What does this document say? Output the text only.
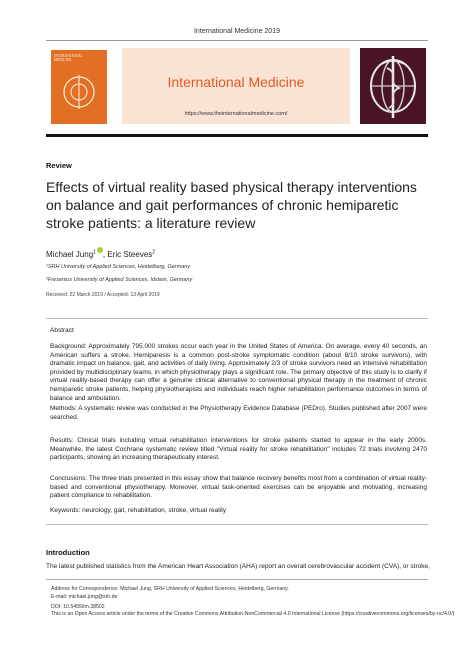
International Medicine 2019
INTERNATIONAL
MEDICINE
International Medicine
https://www.theinternationalmedicine.com/
Review
Effects of virtual reality based physical therapy interventions on balance and gait performances of chronic hemiparetic stroke patients: a literature review
Michael Jung$^1$ , Eric Steeves$^2$
¹SRH University of Applied Sciences, Heidelberg, Germany
²Fresenius University of Applied Sciences, Idstein, Germany
Received: 22 March 2019 / Accepted: 13 April 2019
Abstract
Background: Approximately 795.000 strokes occur each year in the United States of America. On average, every 40 seconds, an American suffers a stroke. Hemiparesis is a common post-stroke symptomatic condition (about 8/10 stroke survivors), with dramatic impact on balance, gait, and activities of daily living. Approximately 2/3 of stroke survivors need an intensive rehabilitation provided by multidisciplinary teams, in which physiotherapy plays a significant role. The primary objective of this study is to clarify if virtual reality-based therapy can offer a genuine clinical alternative to conventional physical therapy in the treatment of chronic hemiparetic stroke patients, helping physiotherapists and individuals reach higher rehabilitation performance outcomes in terms of balance and ambulation.
Methods: A systematic review was conducted in the Physiotherapy Evidence Database (PEDro). Studies published after 2007 were searched.
Results: Clinical trials including virtual rehabilitation interventions for stroke patients started to appear in the early 2000s. Meanwhile, the latest Cochrane systematic review titled "Virtual reality for stroke rehabilitation" includes 72 trials involving 2470 participants, showing an increasing therapeutically interest.
Conclusions: The three trials presented in this essay show that balance recovery benefits most from a combination of virtual reality-based and conventional physiotherapy. Moreover, virtual task-oriented exercises can be enjoyable and motivating, increasing patient compliance to rehabilitation.
Keywords: neurology, gait, rehabilitation, stroke, virtual reality
Introduction
The latest published statistics from the American Heart Association (AHA) report an overall cerebrovascular accident (CVA), or stroke,
Address for Correspondence: Michael Jung, SRH University of Applied Sciences, Heidelberg, Germany.
E-mail: michael.jung@srh.de
DOI: 10.5455/im.38502
This is an Open Access article under the terms of the Creative Commons Attribution-NonCommercial 4.0 International License (https://creativecommons.org/licenses/by-nc/4.0/)
